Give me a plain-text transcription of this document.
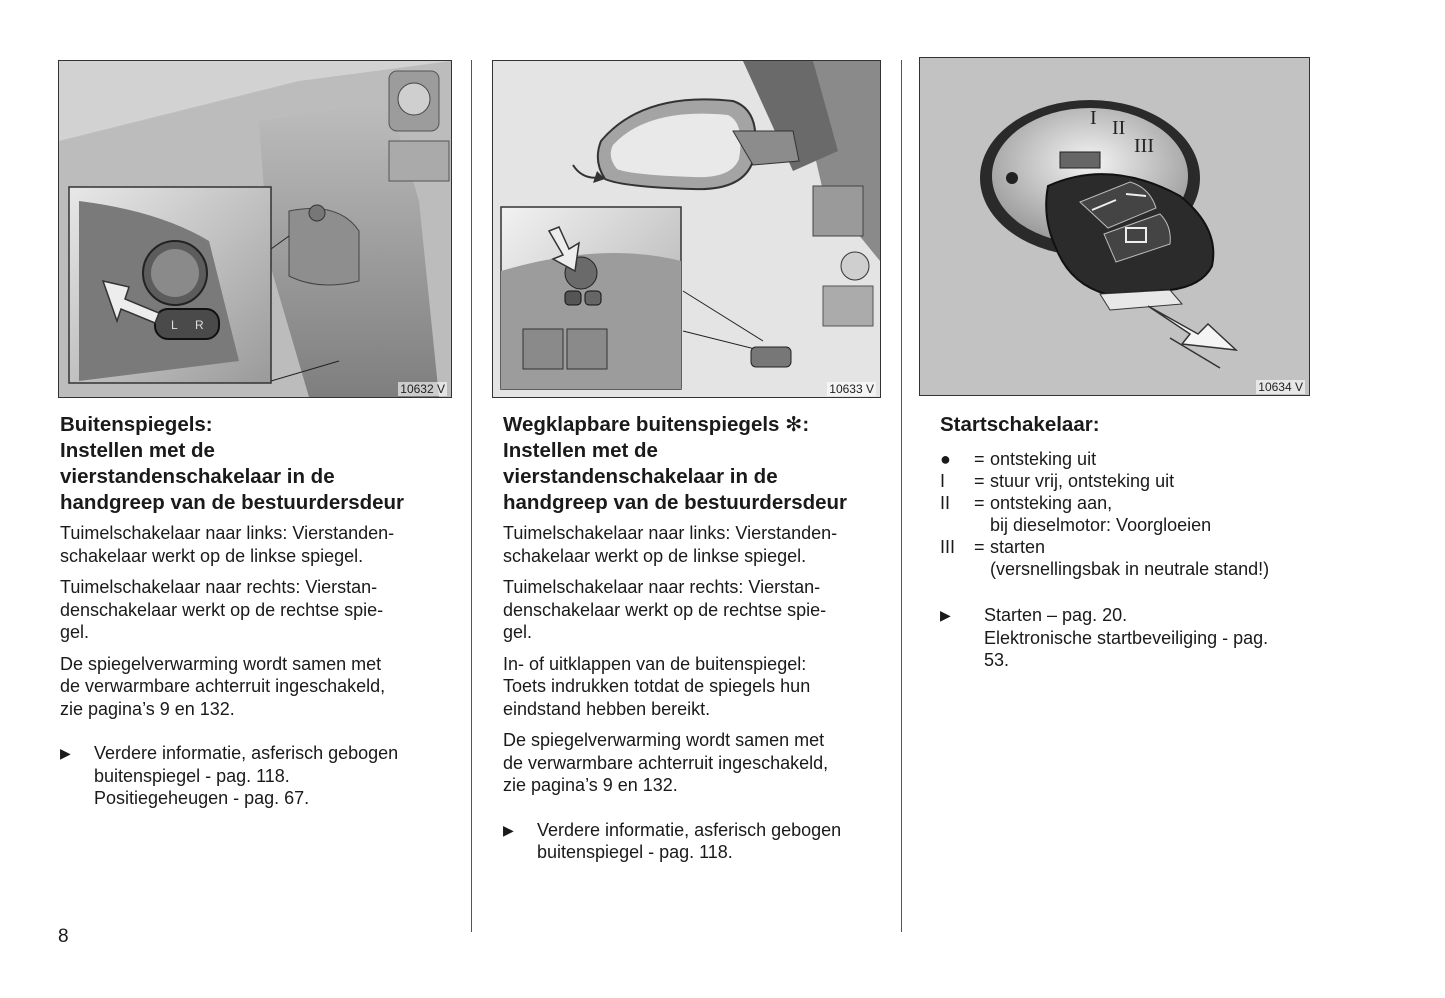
L R
10632 V	10633 V
I II
III
10634 V
Buitenspiegels:
Instellen met de
vierstandenschakelaar in de
handgreep van de bestuurdersdeur

Tuimelschakelaar naar links: Vierstanden-
schakelaar werkt op de linkse spiegel.

Tuimelschakelaar naar rechts: Vierstan-
denschakelaar werkt op de rechtse spie-
gel.

De spiegelverwarming wordt samen met
de verwarmbare achterruit ingeschakeld,
zie pagina’s 9 en 132.

▶	Verdere informatie, asferisch gebogen
buitenspiegel - pag. 118.
Positiegeheugen - pag. 67.
Wegklapbare buitenspiegels ✻:
Instellen met de
vierstandenschakelaar in de
handgreep van de bestuurdersdeur

Tuimelschakelaar naar links: Vierstanden-
schakelaar werkt op de linkse spiegel.

Tuimelschakelaar naar rechts: Vierstan-
denschakelaar werkt op de rechtse spie-
gel.

In- of uitklappen van de buitenspiegel:
Toets indrukken totdat de spiegels hun
eindstand hebben bereikt.

De spiegelverwarming wordt samen met
de verwarmbare achterruit ingeschakeld,
zie pagina’s 9 en 132.

▶	Verdere informatie, asferisch gebogen
buitenspiegel - pag. 118.
Startschakelaar:
●	= ontsteking uit
I	= stuur vrij, ontsteking uit
II	= ontsteking aan,
bij dieselmotor: Voorgloeien
III	= starten
(versnellingsbak in neutrale stand!)
▶	Starten – pag. 20.
Elektronische startbeveiliging - pag.
53.
8
